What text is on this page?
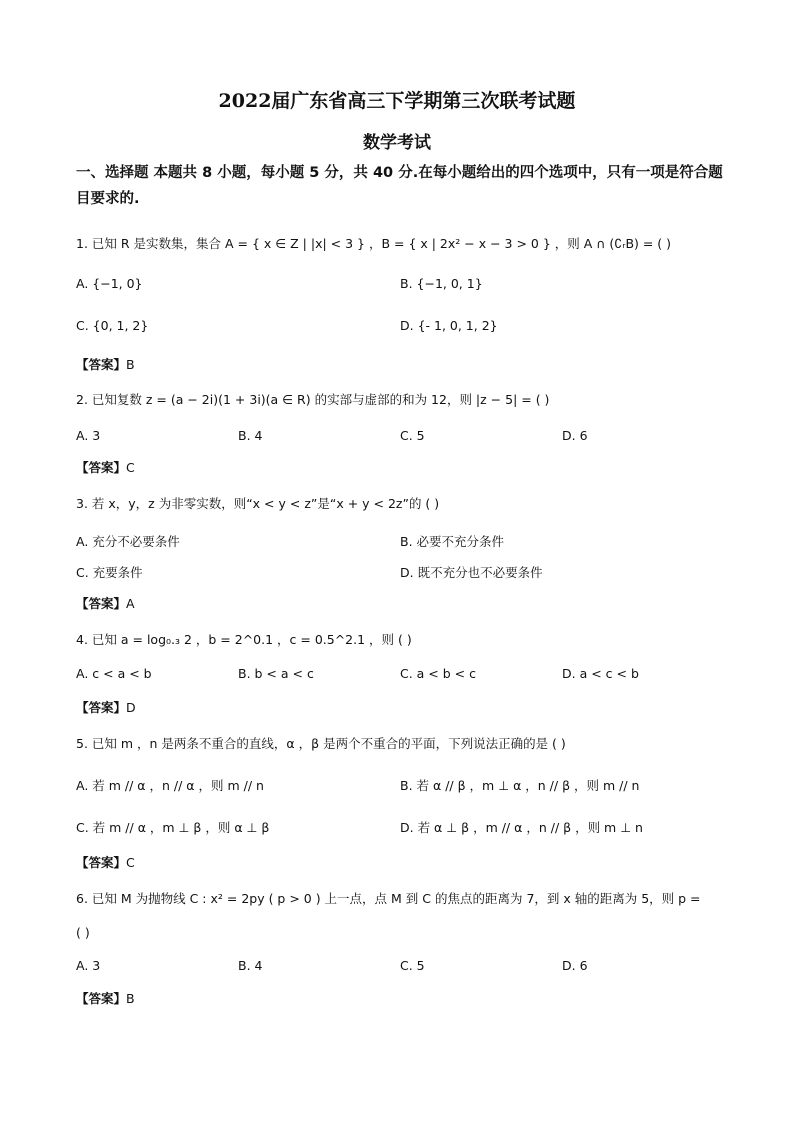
2022届广东省高三下学期第三次联考试题
数学考试
一、选择题 本题共 8 小题，每小题 5 分，共 40 分.在每小题给出的四个选项中，只有一项是符合题目要求的.
1. 已知 R 是实数集，集合 A = { x ∈ Z | |x| < 3 } ，B = { x | 2x² − x − 3 > 0 } ，则 A ∩ (∁ᵣB) = ( )
A. {−1, 0}	B. {−1, 0, 1}
C. {0, 1, 2}	D. {- 1, 0, 1, 2}
【答案】B
2. 已知复数 z = (a − 2i)(1 + 3i)(a ∈ R) 的实部与虚部的和为 12，则 |z − 5| = ( )
A. 3	B. 4	C. 5	D. 6
【答案】C
3. 若 x，y，z 为非零实数，则“x < y < z”是“x + y < 2z”的 ( )
A. 充分不必要条件	B. 必要不充分条件
C. 充要条件	D. 既不充分也不必要条件
【答案】A
4. 已知 a = log₀.₃ 2 ，b = 2^0.1 ，c = 0.5^2.1 ，则 ( )
A. c < a < b	B. b < a < c	C. a < b < c	D. a < c < b
【答案】D
5. 已知 m ，n 是两条不重合的直线，α ，β 是两个不重合的平面，下列说法正确的是 ( )
A. 若 m // α ，n // α ，则 m // n	B. 若 α // β ，m ⊥ α ，n // β ，则 m // n
C. 若 m // α ，m ⊥ β ，则 α ⊥ β	D. 若 α ⊥ β ，m // α ，n // β ，则 m ⊥ n
【答案】C
6. 已知 M 为抛物线 C : x² = 2py ( p > 0 ) 上一点，点 M 到 C 的焦点的距离为 7，到 x 轴的距离为 5，则 p =
( )
A. 3	B. 4	C. 5	D. 6
【答案】B
